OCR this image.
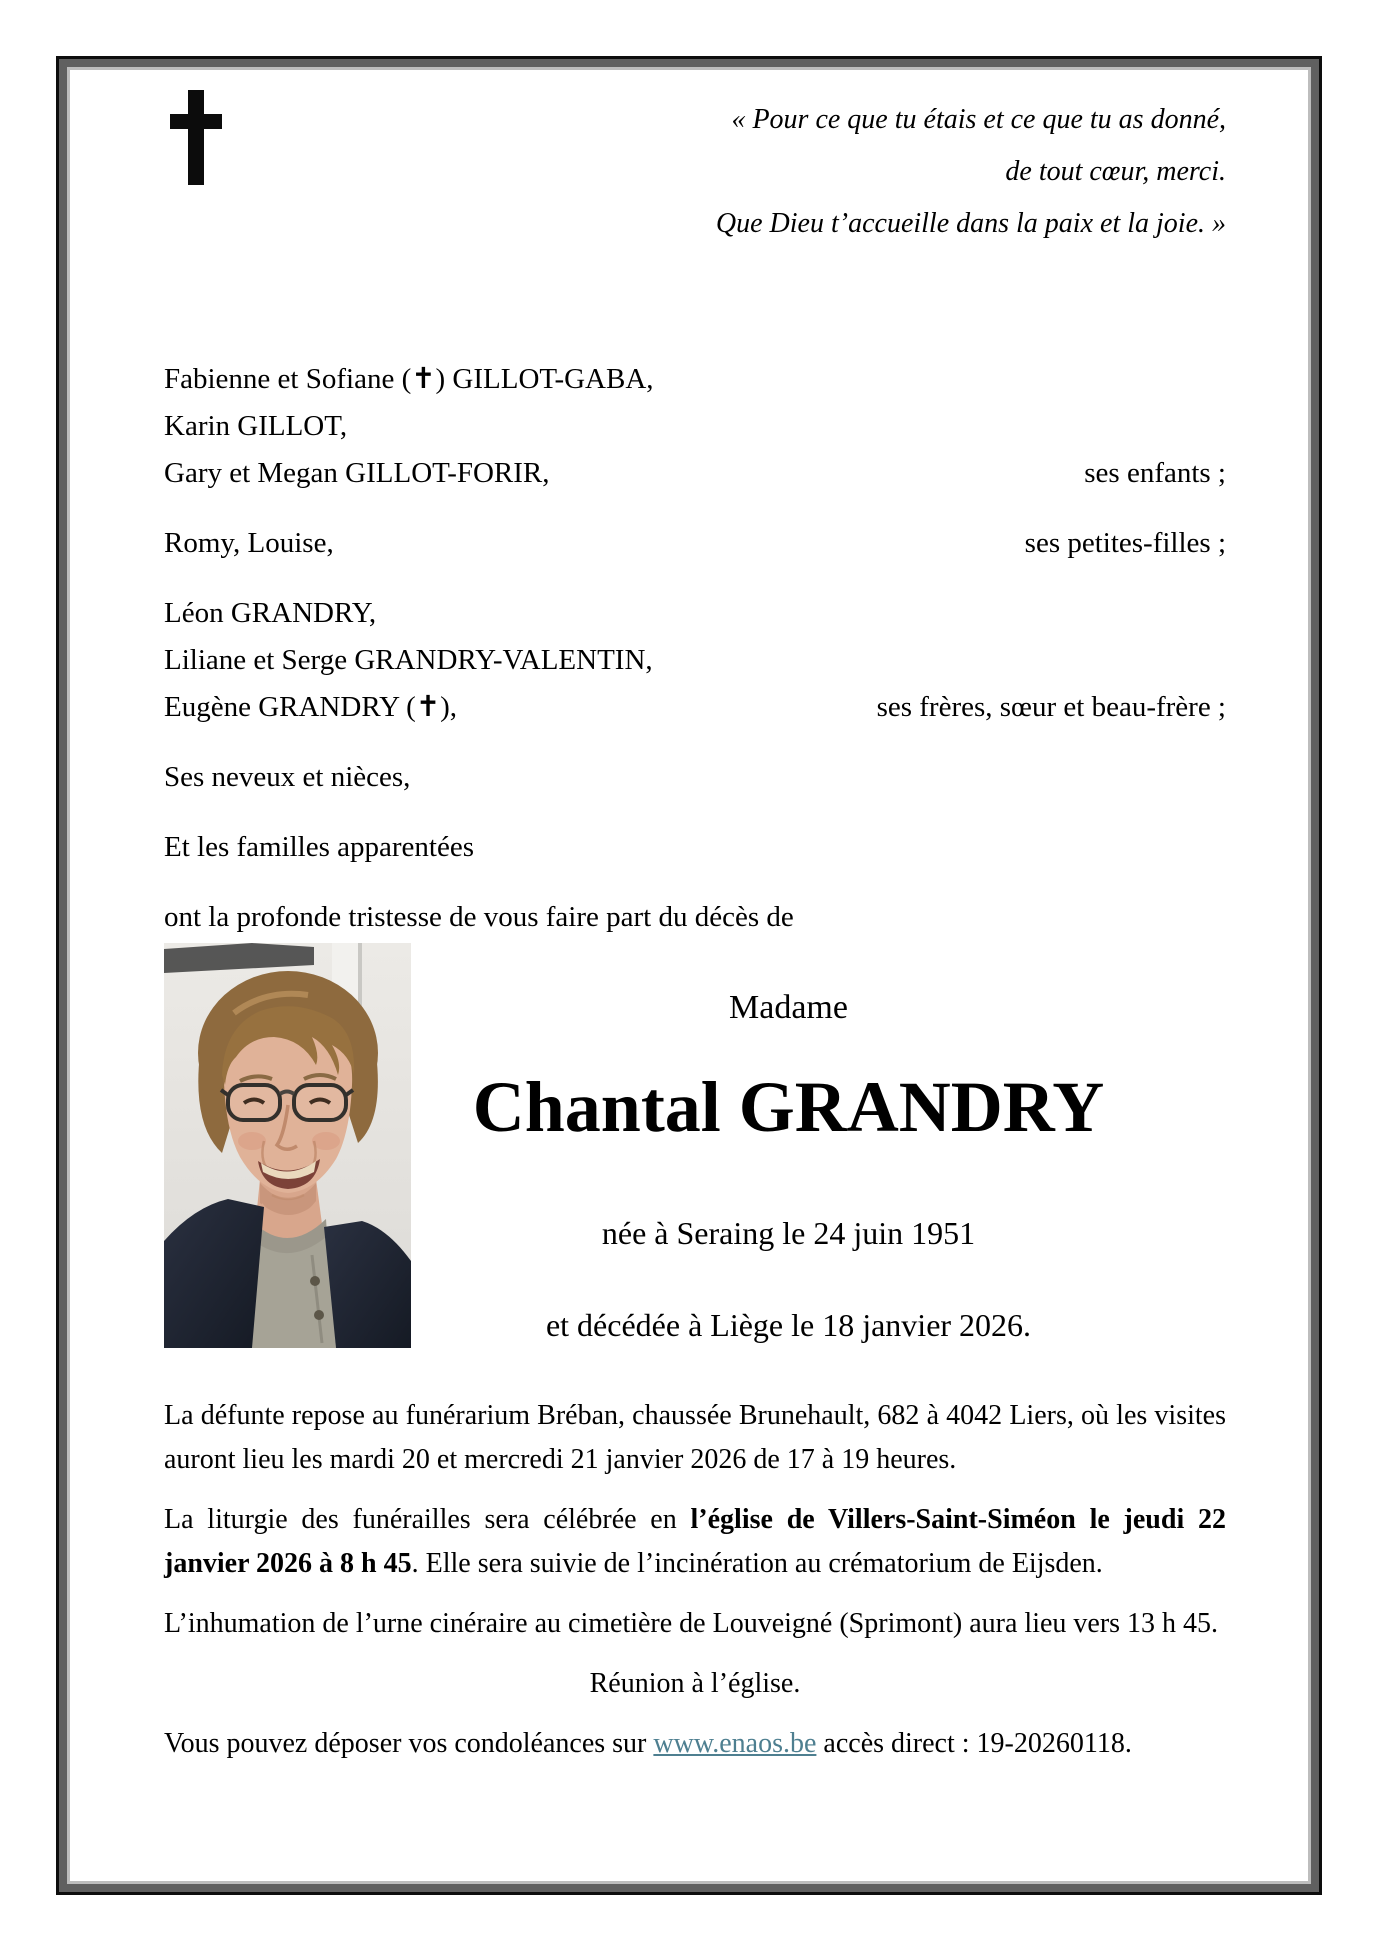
« Pour ce que tu étais et ce que tu as donné,
de tout cœur, merci.
Que Dieu t’accueille dans la paix et la joie. »
Fabienne et Sofiane (✝) GILLOT-GABA,
Karin GILLOT,
Gary et Megan GILLOT-FORIR,	ses enfants ;
Romy, Louise,	ses petites-filles ;
Léon GRANDRY,
Liliane et Serge GRANDRY-VALENTIN,
Eugène GRANDRY (✝),	ses frères, sœur et beau-frère ;
Ses neveux et nièces,
Et les familles apparentées
ont la profonde tristesse de vous faire part du décès de
Madame
Chantal GRANDRY
née à Seraing le 24 juin 1951
et décédée à Liège le 18 janvier 2026.

La défunte repose au funérarium Bréban, chaussée Brunehault, 682 à 4042 Liers, où les visites auront lieu les mardi 20 et mercredi 21 janvier 2026 de 17 à 19 heures.

La liturgie des funérailles sera célébrée en l’église de Villers-Saint-Siméon le jeudi 22 janvier 2026 à 8 h 45. Elle sera suivie de l’incinération au crématorium de Eijsden.

L’inhumation de l’urne cinéraire au cimetière de Louveigné (Sprimont) aura lieu vers 13 h 45.

Réunion à l’église.

Vous pouvez déposer vos condoléances sur www.enaos.be accès direct : 19-20260118.
